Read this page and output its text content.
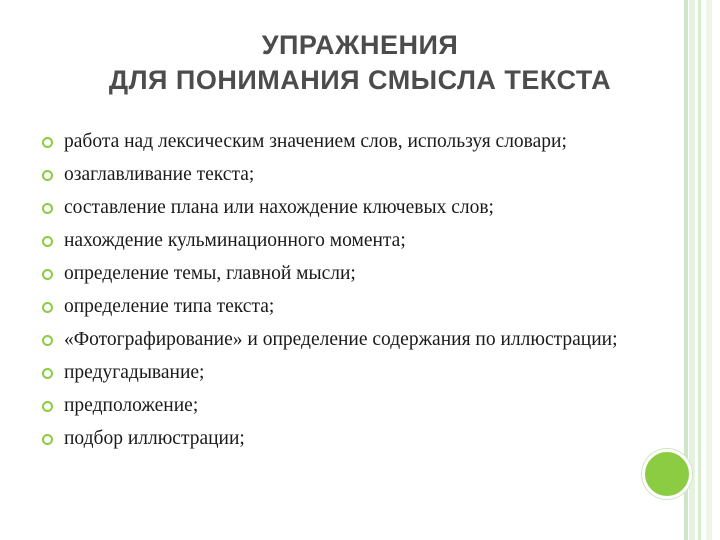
УПРАЖНЕНИЯ
ДЛЯ ПОНИМАНИЯ СМЫСЛА ТЕКСТА
работа над лексическим значением слов, используя словари;
озаглавливание текста;
составление плана или нахождение ключевых слов;
нахождение кульминационного момента;
определение темы, главной мысли;
определение типа текста;
«Фотографирование» и определение содержания по иллюстрации;
предугадывание;
предположение;
подбор иллюстрации;
